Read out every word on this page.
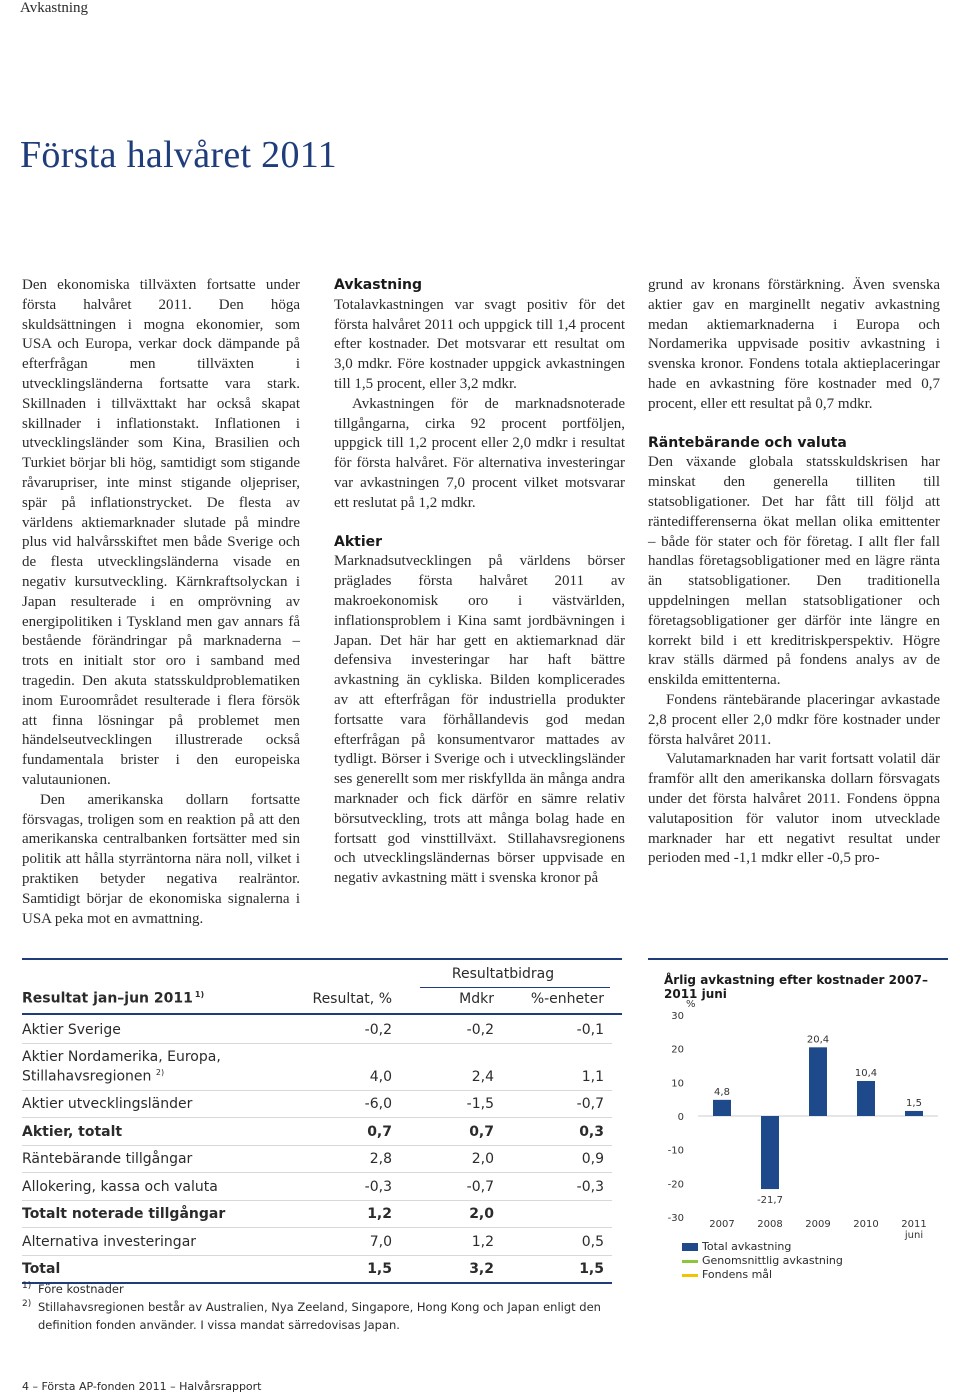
Avkastning
Första halvåret 2011

Den ekonomiska tillväxten fortsatte under första halvåret 2011. Den höga skuldsättningen i mogna ekonomier, som USA och Europa, verkar dock dämpande på efterfrågan men tillväxten i utvecklingsländerna fortsatte vara stark. Skillnaden i tillväxttakt har också skapat skillnader i inflationstakt. Inflationen i utvecklingsländer som Kina, Brasilien och Turkiet börjar bli hög, samtidigt som stigande råvarupriser, inte minst stigande oljepriser, spär på inflationstrycket. De flesta av världens aktiemarknader slutade på mindre plus vid halvårsskiftet men både Sverige och de flesta utvecklingsländerna visade en negativ kursutveckling. Kärnkraftsolyckan i Japan resulterade i en omprövning av energipolitiken i Tyskland men gav annars få bestående förändringar på marknaderna – trots en initialt stor oro i samband med tragedin. Den akuta statsskuldproblematiken inom Euroområdet resulterade i flera försök att finna lösningar på problemet men händelseutvecklingen illustrerade också fundamentala brister i den europeiska valutaunionen.

Den amerikanska dollarn fortsatte försvagas, troligen som en reaktion på att den amerikanska centralbanken fortsätter med sin politik att hålla styrräntorna nära noll, vilket i praktiken betyder negativa realräntor. Samtidigt börjar de ekonomiska signalerna i USA peka mot en avmattning.

Avkastning

Totalavkastningen var svagt positiv för det första halvåret 2011 och uppgick till 1,4 procent efter kostnader. Det motsvarar ett resultat om 3,0 mdkr. Före kostnader uppgick avkastningen till 1,5 procent, eller 3,2 mdkr.

Avkastningen för de marknadsnoterade tillgångarna, cirka 92 procent portföljen, uppgick till 1,2 procent eller 2,0 mdkr i resultat för första halvåret. För alternativa investeringar var avkastningen 7,0 procent vilket motsvarar ett reslutat på 1,2 mdkr.

Aktier

Marknadsutvecklingen på världens börser präglades första halvåret 2011 av makroekonomisk oro i västvärlden, inflationsproblem i Kina samt jordbävningen i Japan. Det här har gett en aktiemarknad där defensiva investeringar har haft bättre avkastning än cykliska. Bilden komplicerades av att efterfrågan för industriella produkter fortsatte vara förhållandevis god medan efterfrågan på konsumentvaror mattades av tydligt. Börser i Sverige och i utvecklingsländer ses generellt som mer riskfyllda än många andra marknader och fick därför en sämre relativ börsutveckling, trots att många bolag hade en fortsatt god vinsttillväxt. Stillahavsregionens och utvecklingsländernas börser uppvisade en negativ avkastning mätt i svenska kronor på

grund av kronans förstärkning. Även svenska aktier gav en marginellt negativ avkastning medan aktiemarknaderna i Europa och Nordamerika uppvisade positiv avkastning i svenska kronor. Fondens totala aktieplaceringar hade en avkastning före kostnader med 0,7 procent, eller ett resultat på 0,7 mdkr.

Räntebärande och valuta

Den växande globala statsskuldskrisen har minskat den generella tilliten till statsobligationer. Det har fått till följd att räntedifferenserna ökat mellan olika emittenter – både för stater och för företag. I allt fler fall handlas företagsobligationer med en lägre ränta än statsobligationer. Den traditionella uppdelningen mellan statsobligationer och företagsobligationer ger därför inte längre en korrekt bild i ett kreditriskperspektiv. Högre krav ställs därmed på fondens analys av de enskilda emittenterna.

Fondens räntebärande placeringar avkastade 2,8 procent eller 2,0 mdkr före kostnader under första halvåret 2011.

Valutamarknaden har varit fortsatt volatil där framför allt den amerikanska dollarn försvagats under det första halvåret 2011. Fondens öppna valutaposition för valutor inom utvecklade marknader har ett negativt resultat under perioden med -1,1 mdkr eller -0,5 pro-

Resultatbidrag
Resultat jan–jun 2011 $^{1)}$	Resultat, %	Mdkr	%-enheter
Aktier Sverige	-0,2	-0,2	-0,1
Aktier Nordamerika, Europa,
Stillahavsregionen $^{2)}$	4,0	2,4	1,1
Aktier utvecklingsländer	-6,0	-1,5	-0,7
Aktier, totalt	0,7	0,7	0,3
Räntebärande tillgångar	2,8	2,0	0,9
Allokering, kassa och valuta	-0,3	-0,7	-0,3
Totalt noterade tillgångar	1,2	2,0
Alternativa investeringar	7,0	1,2	0,5
Total	1,5	3,2	1,5
1) Före kostnader
2) Stillahavsregionen består av Australien, Nya Zeeland, Singapore, Hong Kong och Japan enligt den definition fonden använder. I vissa mandat särredovisas Japan.
Årlig avkastning efter kostnader 2007–2011 juni
%
30
20
10
0
-10
-20
-30
4,8
2007
-21,7
2008
20,4
2009
10,4
2010
1,5
2011
juni
Total avkastning
Genomsnittlig avkastning
Fondens mål
4 – Första AP-fonden 2011 – Halvårsrapport
